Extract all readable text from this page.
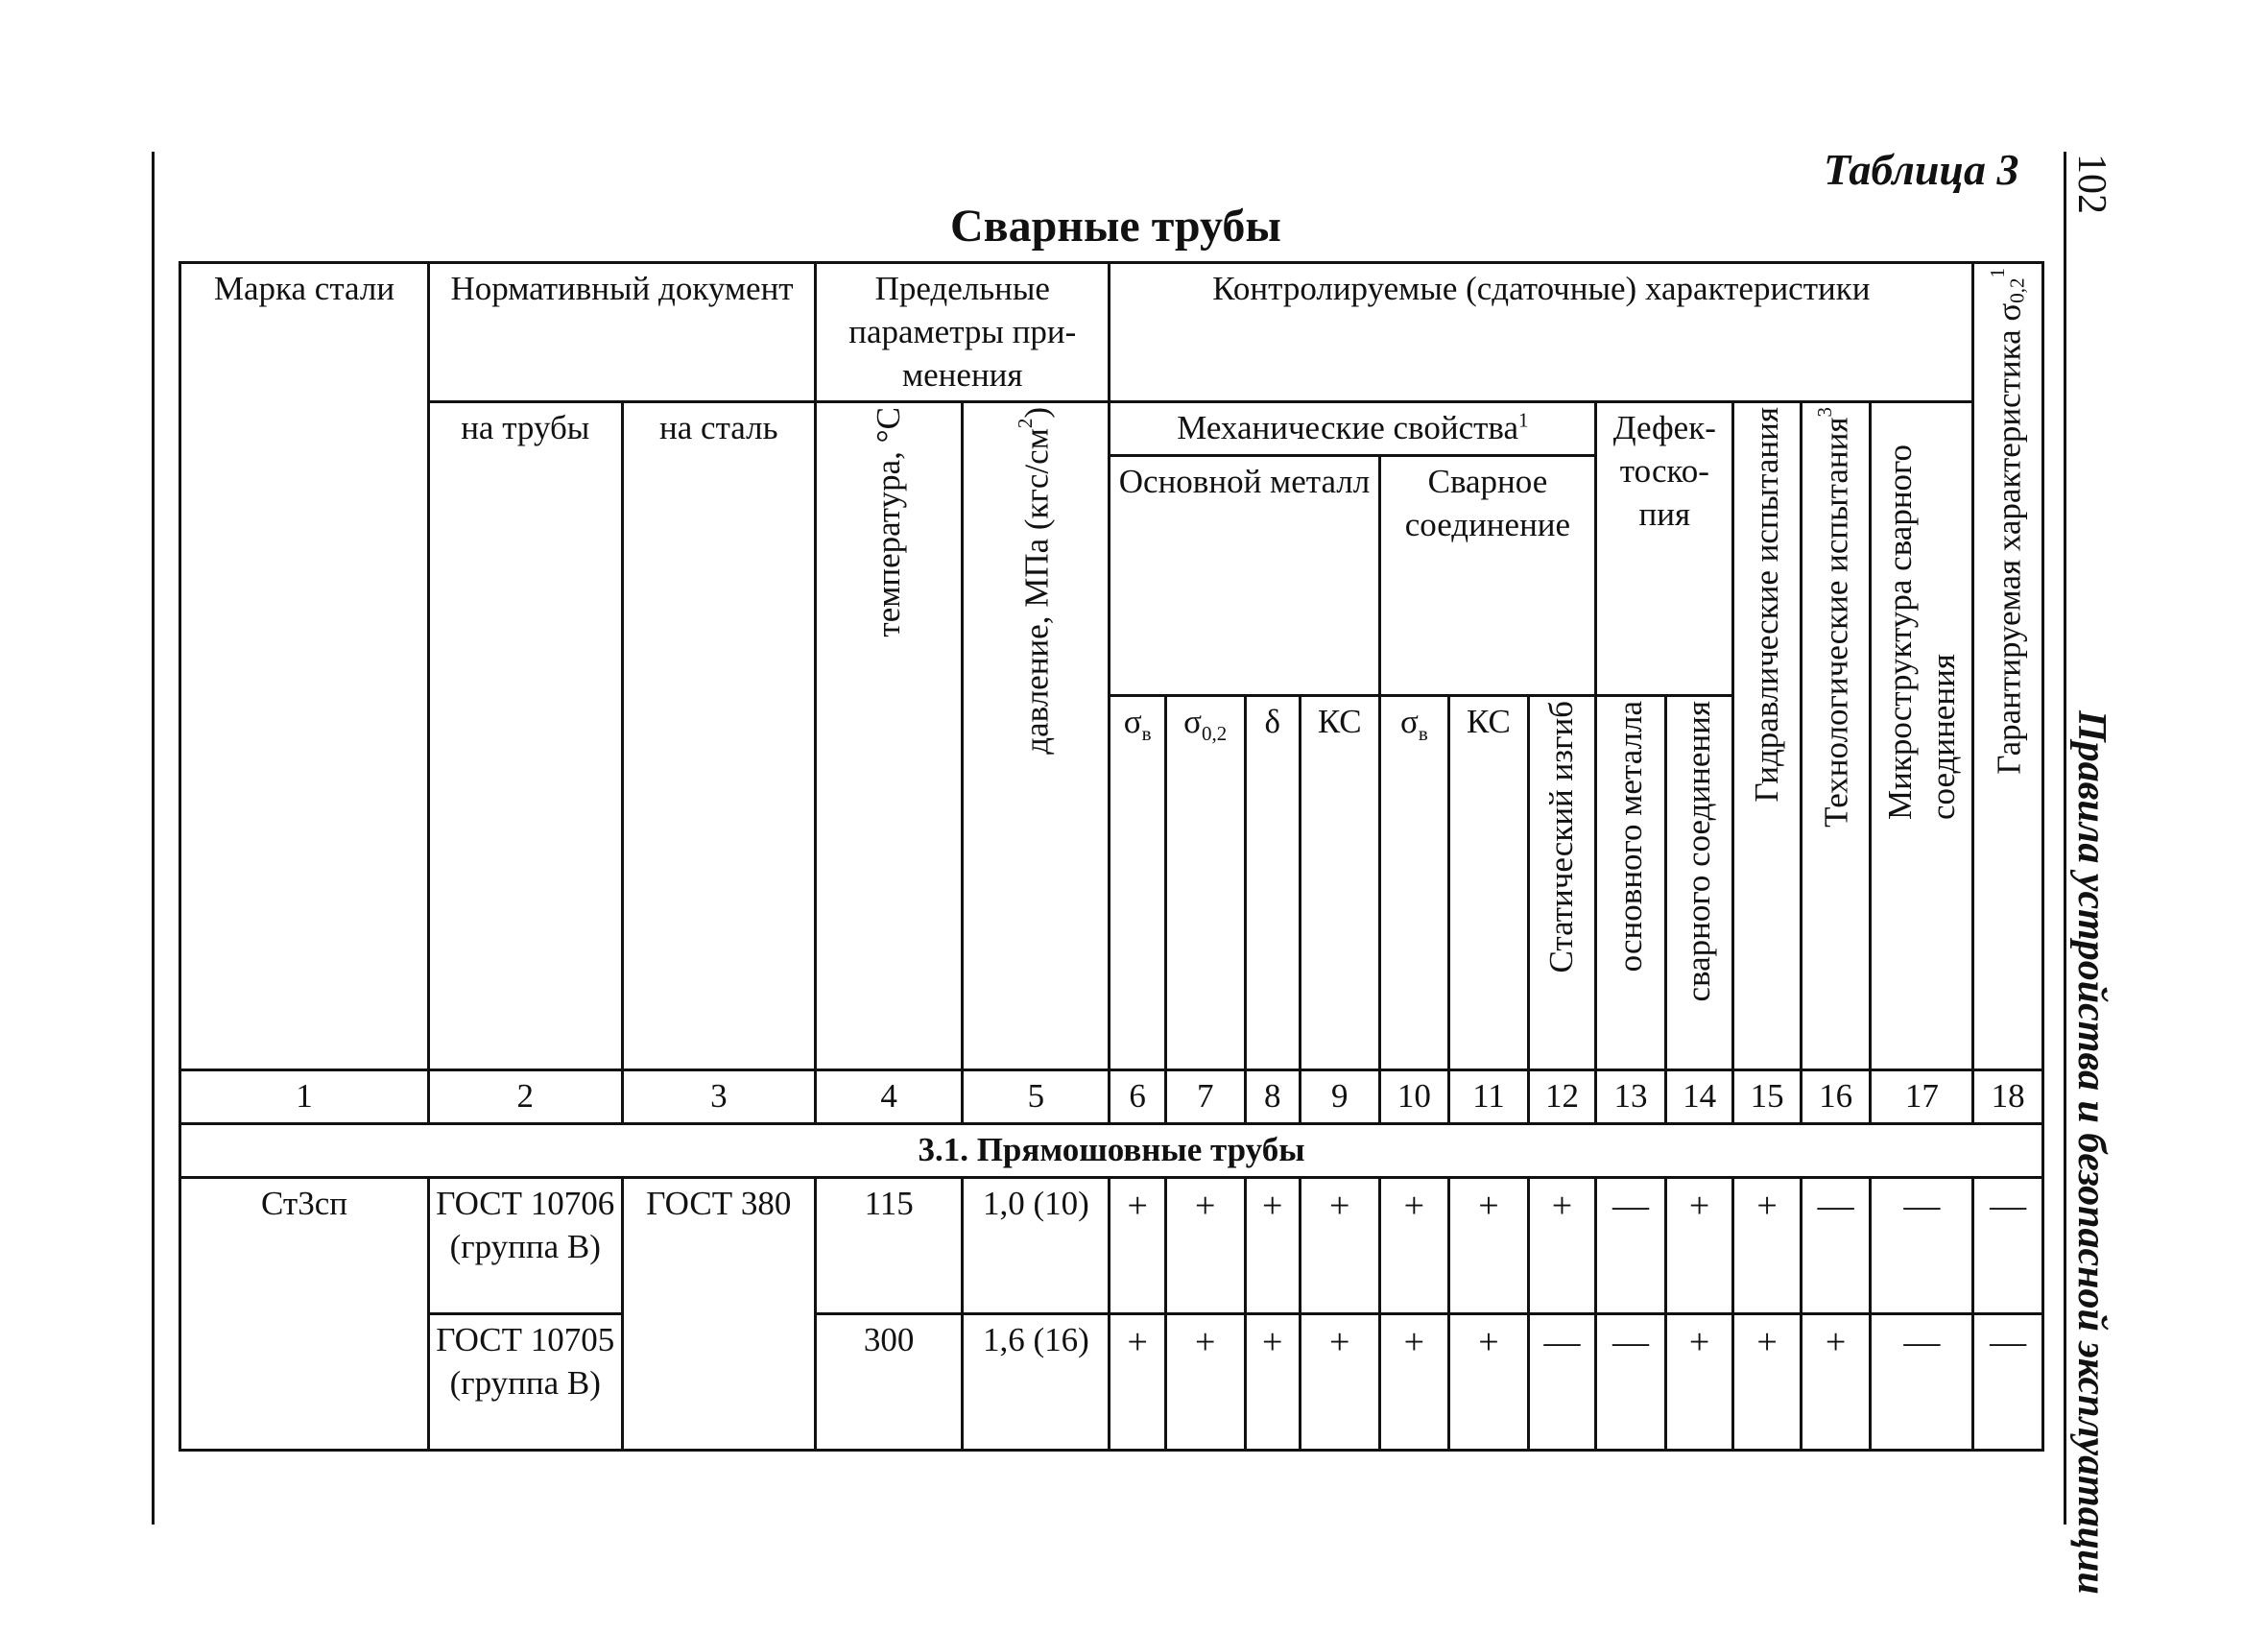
102
Правила устройства и безопасной эксплуатации
Таблица 3
Сварные трубы
Марка стали	Нормативный документ		Предельные параметры применения		Контролируемые (сдаточные) характеристики												Гарантируемая характеристика $\sigma_{0,2}^1$
	на трубы	на сталь	температура, °С	давление, МПа $(кгс/см^2)$	Механические свойства$^1$							Дефектоскопия		Гидравлические испытания	Технологические испытания$^3$	Микроструктура сварного соединения	
					Основной металл				Сварное соединение								
					$\sigma_в$	$\sigma_{0,2}$	δ	КС	$\sigma_в$	КС	Статический изгиб	основного металла	сварного соединения				
1	2	3	4	5	6	7	8	9	10	11	12	13	14	15	16	17	18
3.1. Прямошовные трубы																	
Ст3сп	ГОСТ 10706 (группа В)	ГОСТ 380	115	1,0 (10)	+	+	+	+	+	+	+	—	+	+	—	—	—
	ГОСТ 10705 (группа В)		300	1,6 (16)	+	+	+	+	+	+	—	—	+	+	+	—	—
